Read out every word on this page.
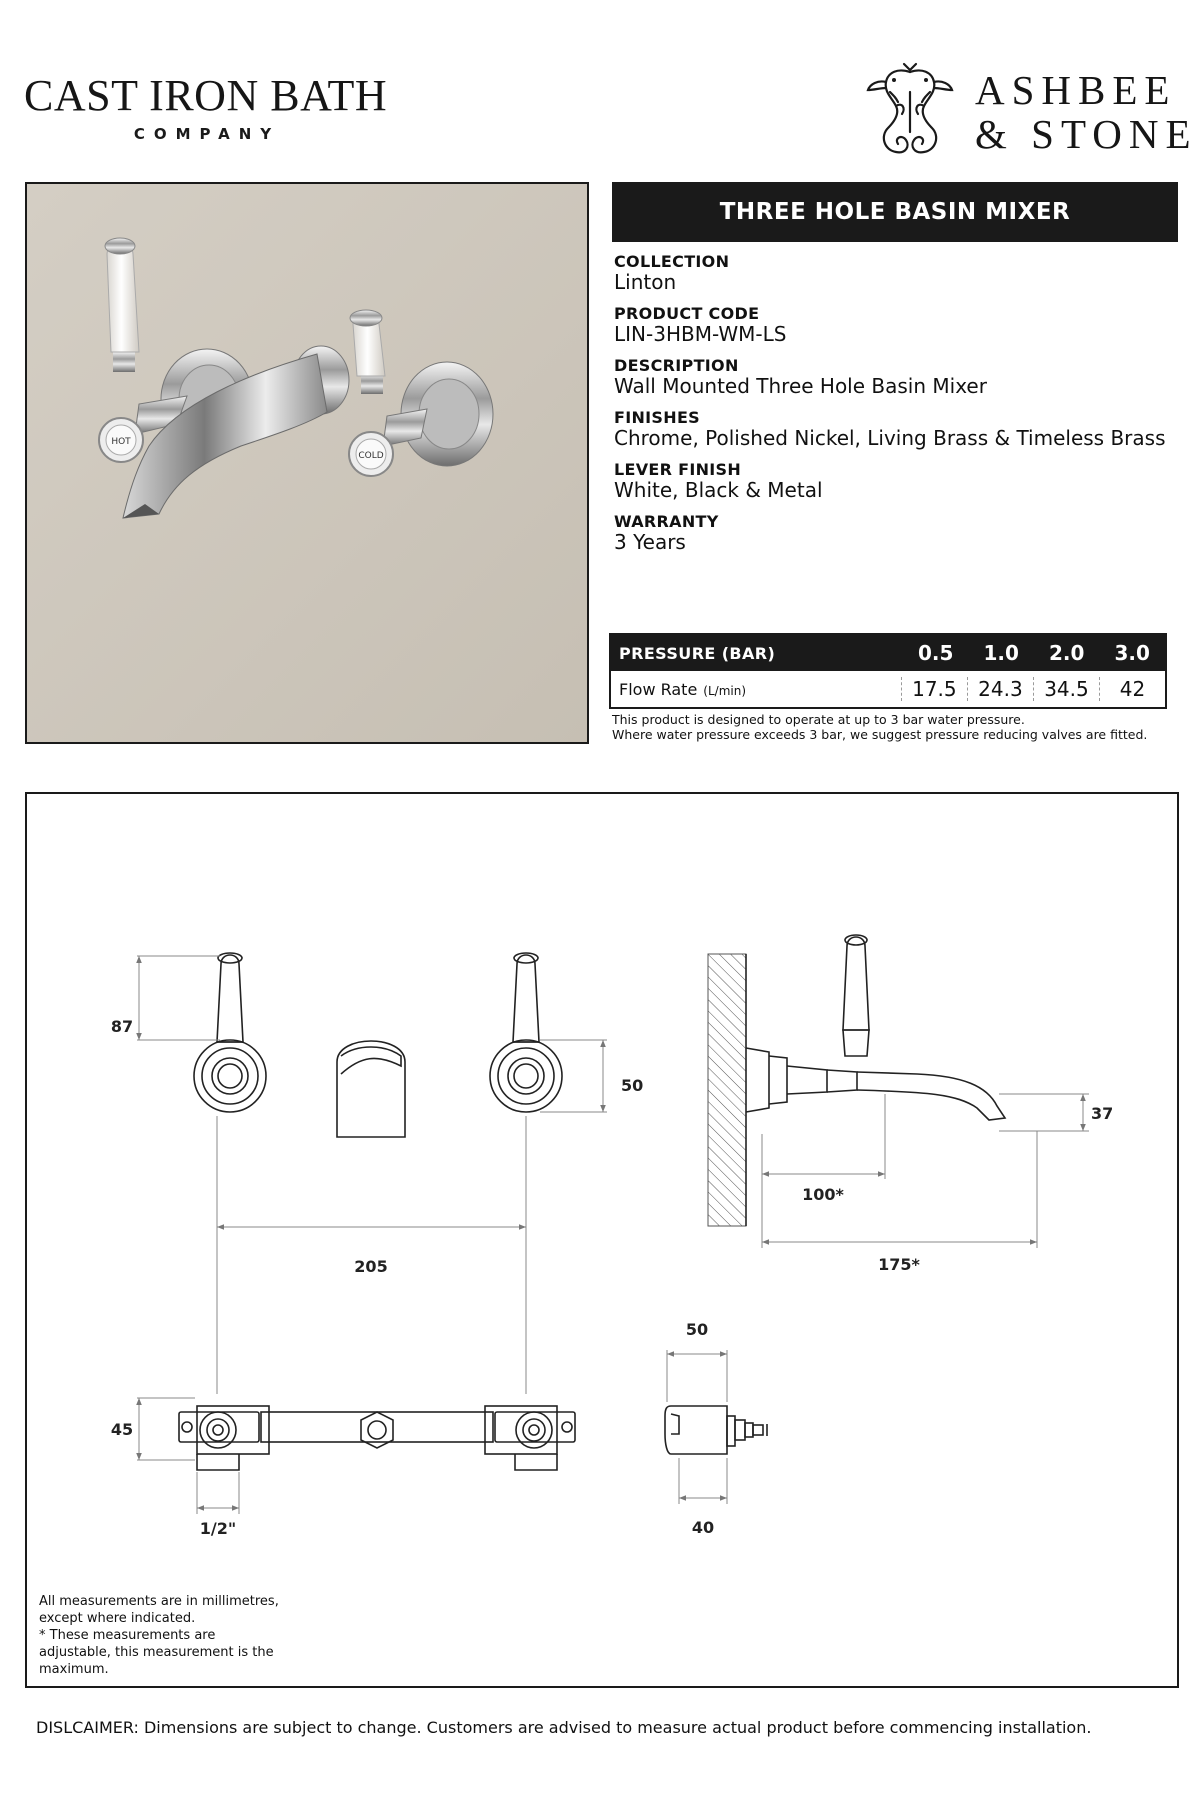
CAST IRON BATH
COMPANY
ASHBEE
& STONE
HOT
COLD
THREE HOLE BASIN MIXER
COLLECTION
Linton
PRODUCT CODE
LIN-3HBM-WM-LS
DESCRIPTION
Wall Mounted Three Hole Basin Mixer
FINISHES
Chrome, Polished Nickel, Living Brass & Timeless Brass
LEVER FINISH
White, Black & Metal
WARRANTY
3 Years
PRESSURE (BAR)	0.5	1.0	2.0	3.0
Flow Rate (L/min)	17.5	24.3	34.5	42
This product is designed to operate at up to 3 bar water pressure.
Where water pressure exceeds 3 bar, we suggest pressure reducing valves are fitted.
87
50
37
100*
175*
205
45
1/2"
50
40
All measurements are in millimetres,
except where indicated.
* These measurements are
adjustable, this measurement is the
maximum.
DISLCAIMER: Dimensions are subject to change. Customers are advised to measure actual product before commencing installation.
